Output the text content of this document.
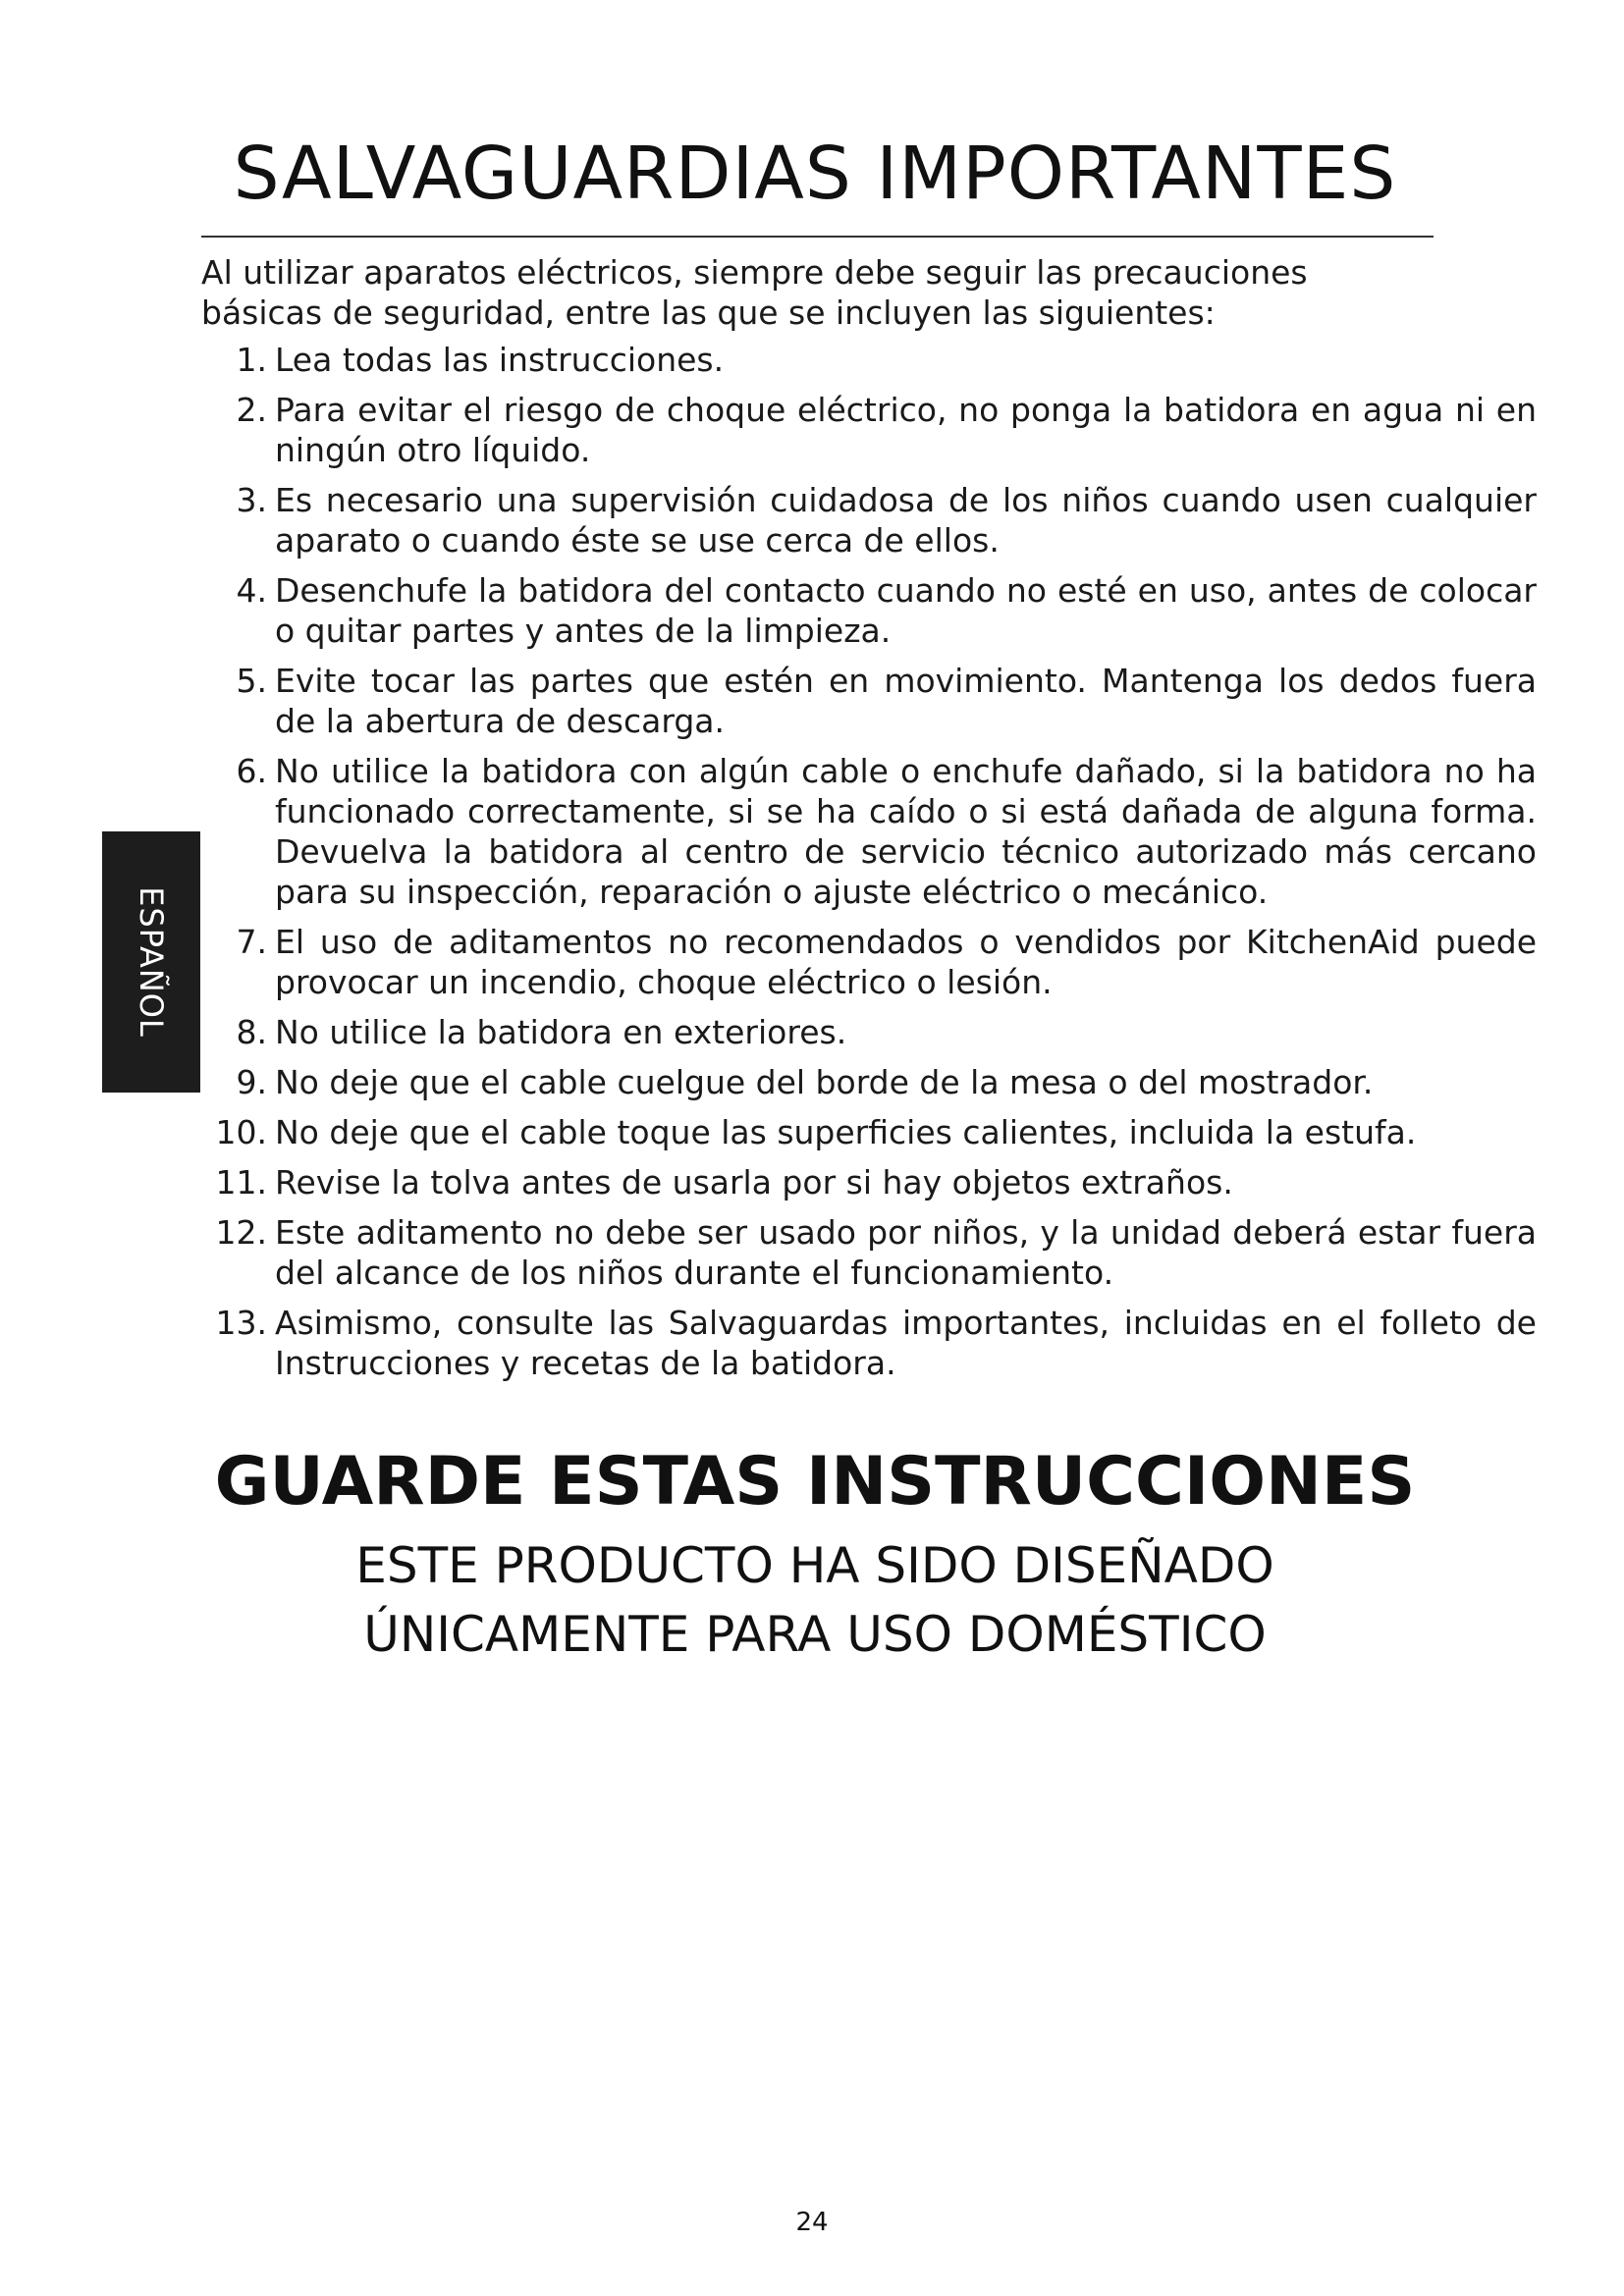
SALVAGUARDIAS IMPORTANTES

Al utilizar aparatos eléctricos, siempre debe seguir las precauciones básicas de seguridad, entre las que se incluyen las siguientes:

1. Lea todas las instrucciones.
2. Para evitar el riesgo de choque eléctrico, no ponga la batidora en agua ni en ningún otro líquido.
3. Es necesario una supervisión cuidadosa de los niños cuando usen cualquier aparato o cuando éste se use cerca de ellos.
4. Desenchufe la batidora del contacto cuando no esté en uso, antes de colocar o quitar partes y antes de la limpieza.
5. Evite tocar las partes que estén en movimiento. Mantenga los dedos fuera de la abertura de descarga.
6. No utilice la batidora con algún cable o enchufe dañado, si la batidora no ha funcionado correctamente, si se ha caído o si está dañada de alguna forma. Devuelva la batidora al centro de servicio técnico autorizado más cercano para su inspección, reparación o ajuste eléctrico o mecánico.
7. El uso de aditamentos no recomendados o vendidos por KitchenAid puede provocar un incendio, choque eléctrico o lesión.
8. No utilice la batidora en exteriores.
9. No deje que el cable cuelgue del borde de la mesa o del mostrador.
10. No deje que el cable toque las superficies calientes, incluida la estufa.
11. Revise la tolva antes de usarla por si hay objetos extraños.
12. Este aditamento no debe ser usado por niños, y la unidad deberá estar fuera del alcance de los niños durante el funcionamiento.
13. Asimismo, consulte las Salvaguardas importantes, incluidas en el folleto de Instrucciones y recetas de la batidora.
ESPAÑOL
GUARDE ESTAS INSTRUCCIONES
ESTE PRODUCTO HA SIDO DISEÑADO
ÚNICAMENTE PARA USO DOMÉSTICO
24
